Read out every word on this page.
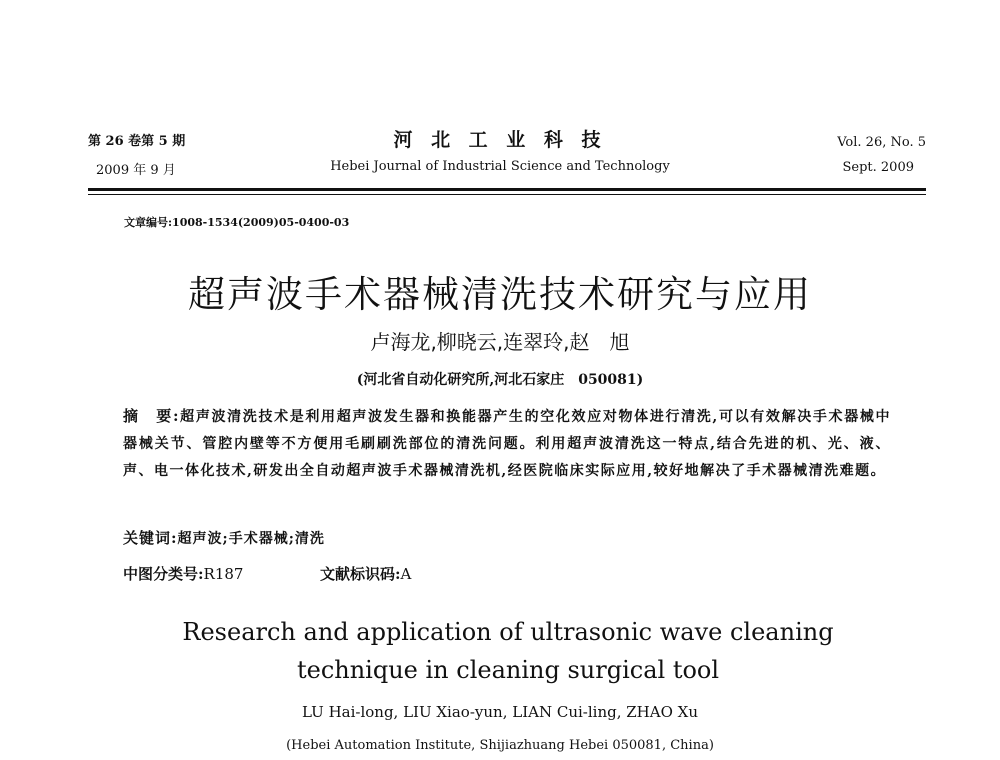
第 26 卷第 5 期
2009 年 9 月
河 北 工 业 科 技
Hebei Journal of Industrial Science and Technology
Vol. 26, No. 5
Sept. 2009
文章编号:1008-1534(2009)05-0400-03
超声波手术器械清洗技术研究与应用
卢海龙,柳晓云,连翠玲,赵　旭
(河北省自动化研究所,河北石家庄　050081)
摘　要:超声波清洗技术是利用超声波发生器和换能器产生的空化效应对物体进行清洗,可以有效解决手术器械中器械关节、管腔内壁等不方便用毛刷刷洗部位的清洗问题。利用超声波清洗这一特点,结合先进的机、光、液、声、电一体化技术,研发出全自动超声波手术器械清洗机,经医院临床实际应用,较好地解决了手术器械清洗难题。
关键词:超声波;手术器械;清洗
中图分类号:R187	文献标识码:A
Research and application of ultrasonic wave cleaning
technique in cleaning surgical tool
LU Hai-long, LIU Xiao-yun, LIAN Cui-ling, ZHAO Xu
(Hebei Automation Institute, Shijiazhuang Hebei 050081, China)
